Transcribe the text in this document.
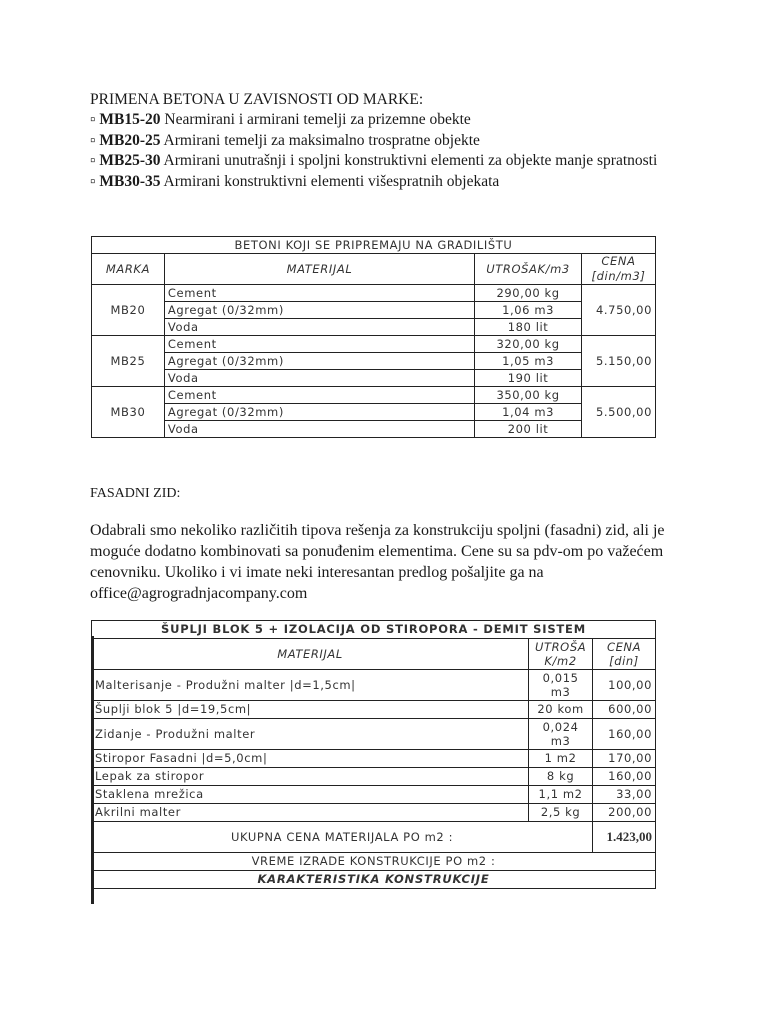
PRIMENA BETONA U ZAVISNOSTI OD MARKE:

▫ MB15-20 Nearmirani i armirani temelji za prizemne obekte

▫ MB20-25 Armirani temelji za maksimalno trospratne objekte

▫ MB25-30 Armirani unutrašnji i spoljni konstruktivni elementi za objekte manje spratnosti

▫ MB30-35 Armirani konstruktivni elementi višespratnih objekata

BETONI KOJI SE PRIPREMAJU NA GRADILIŠTU			
MARKA	MATERIJAL	UTROŠAK/m3	CENA [din/m3]
MB20	Cement	290,00 kg	4.750,00
	Agregat (0/32mm)	1,06 m3	
	Voda	180 lit	
MB25	Cement	320,00 kg	5.150,00
	Agregat (0/32mm)	1,05 m3	
	Voda	190 lit	
MB30	Cement	350,00 kg	5.500,00
	Agregat (0/32mm)	1,04 m3	
	Voda	200 lit	
FASADNI ZID:
Odabrali smo nekoliko različitih tipova rešenja za konstrukciju spoljni (fasadni) zid, ali je moguće dodatno kombinovati sa ponuđenim elementima. Cene su sa pdv-om po važećem cenovniku. Ukoliko i vi imate neki interesantan predlog pošaljite ga na office@agrogradnjacompany.com
ŠUPLJI BLOK 5 + IZOLACIJA OD STIROPORA - DEMIT SISTEM		
MATERIJAL	UTROŠA K/m2	CENA [din]
Malterisanje - Produžni malter |d=1,5cm|	0,015 m3	100,00
Šuplji blok 5 |d=19,5cm|	20 kom	600,00
Zidanje - Produžni malter	0,024 m3	160,00
Stiropor Fasadni |d=5,0cm|	1 m2	170,00
Lepak za stiropor	8 kg	160,00
Staklena mrežica	1,1 m2	33,00
Akrilni malter	2,5 kg	200,00
UKUPNA CENA MATERIJALA PO m2 :		1.423,00
VREME IZRADE KONSTRUKCIJE PO m2 :		
KARAKTERISTIKA KONSTRUKCIJE		
